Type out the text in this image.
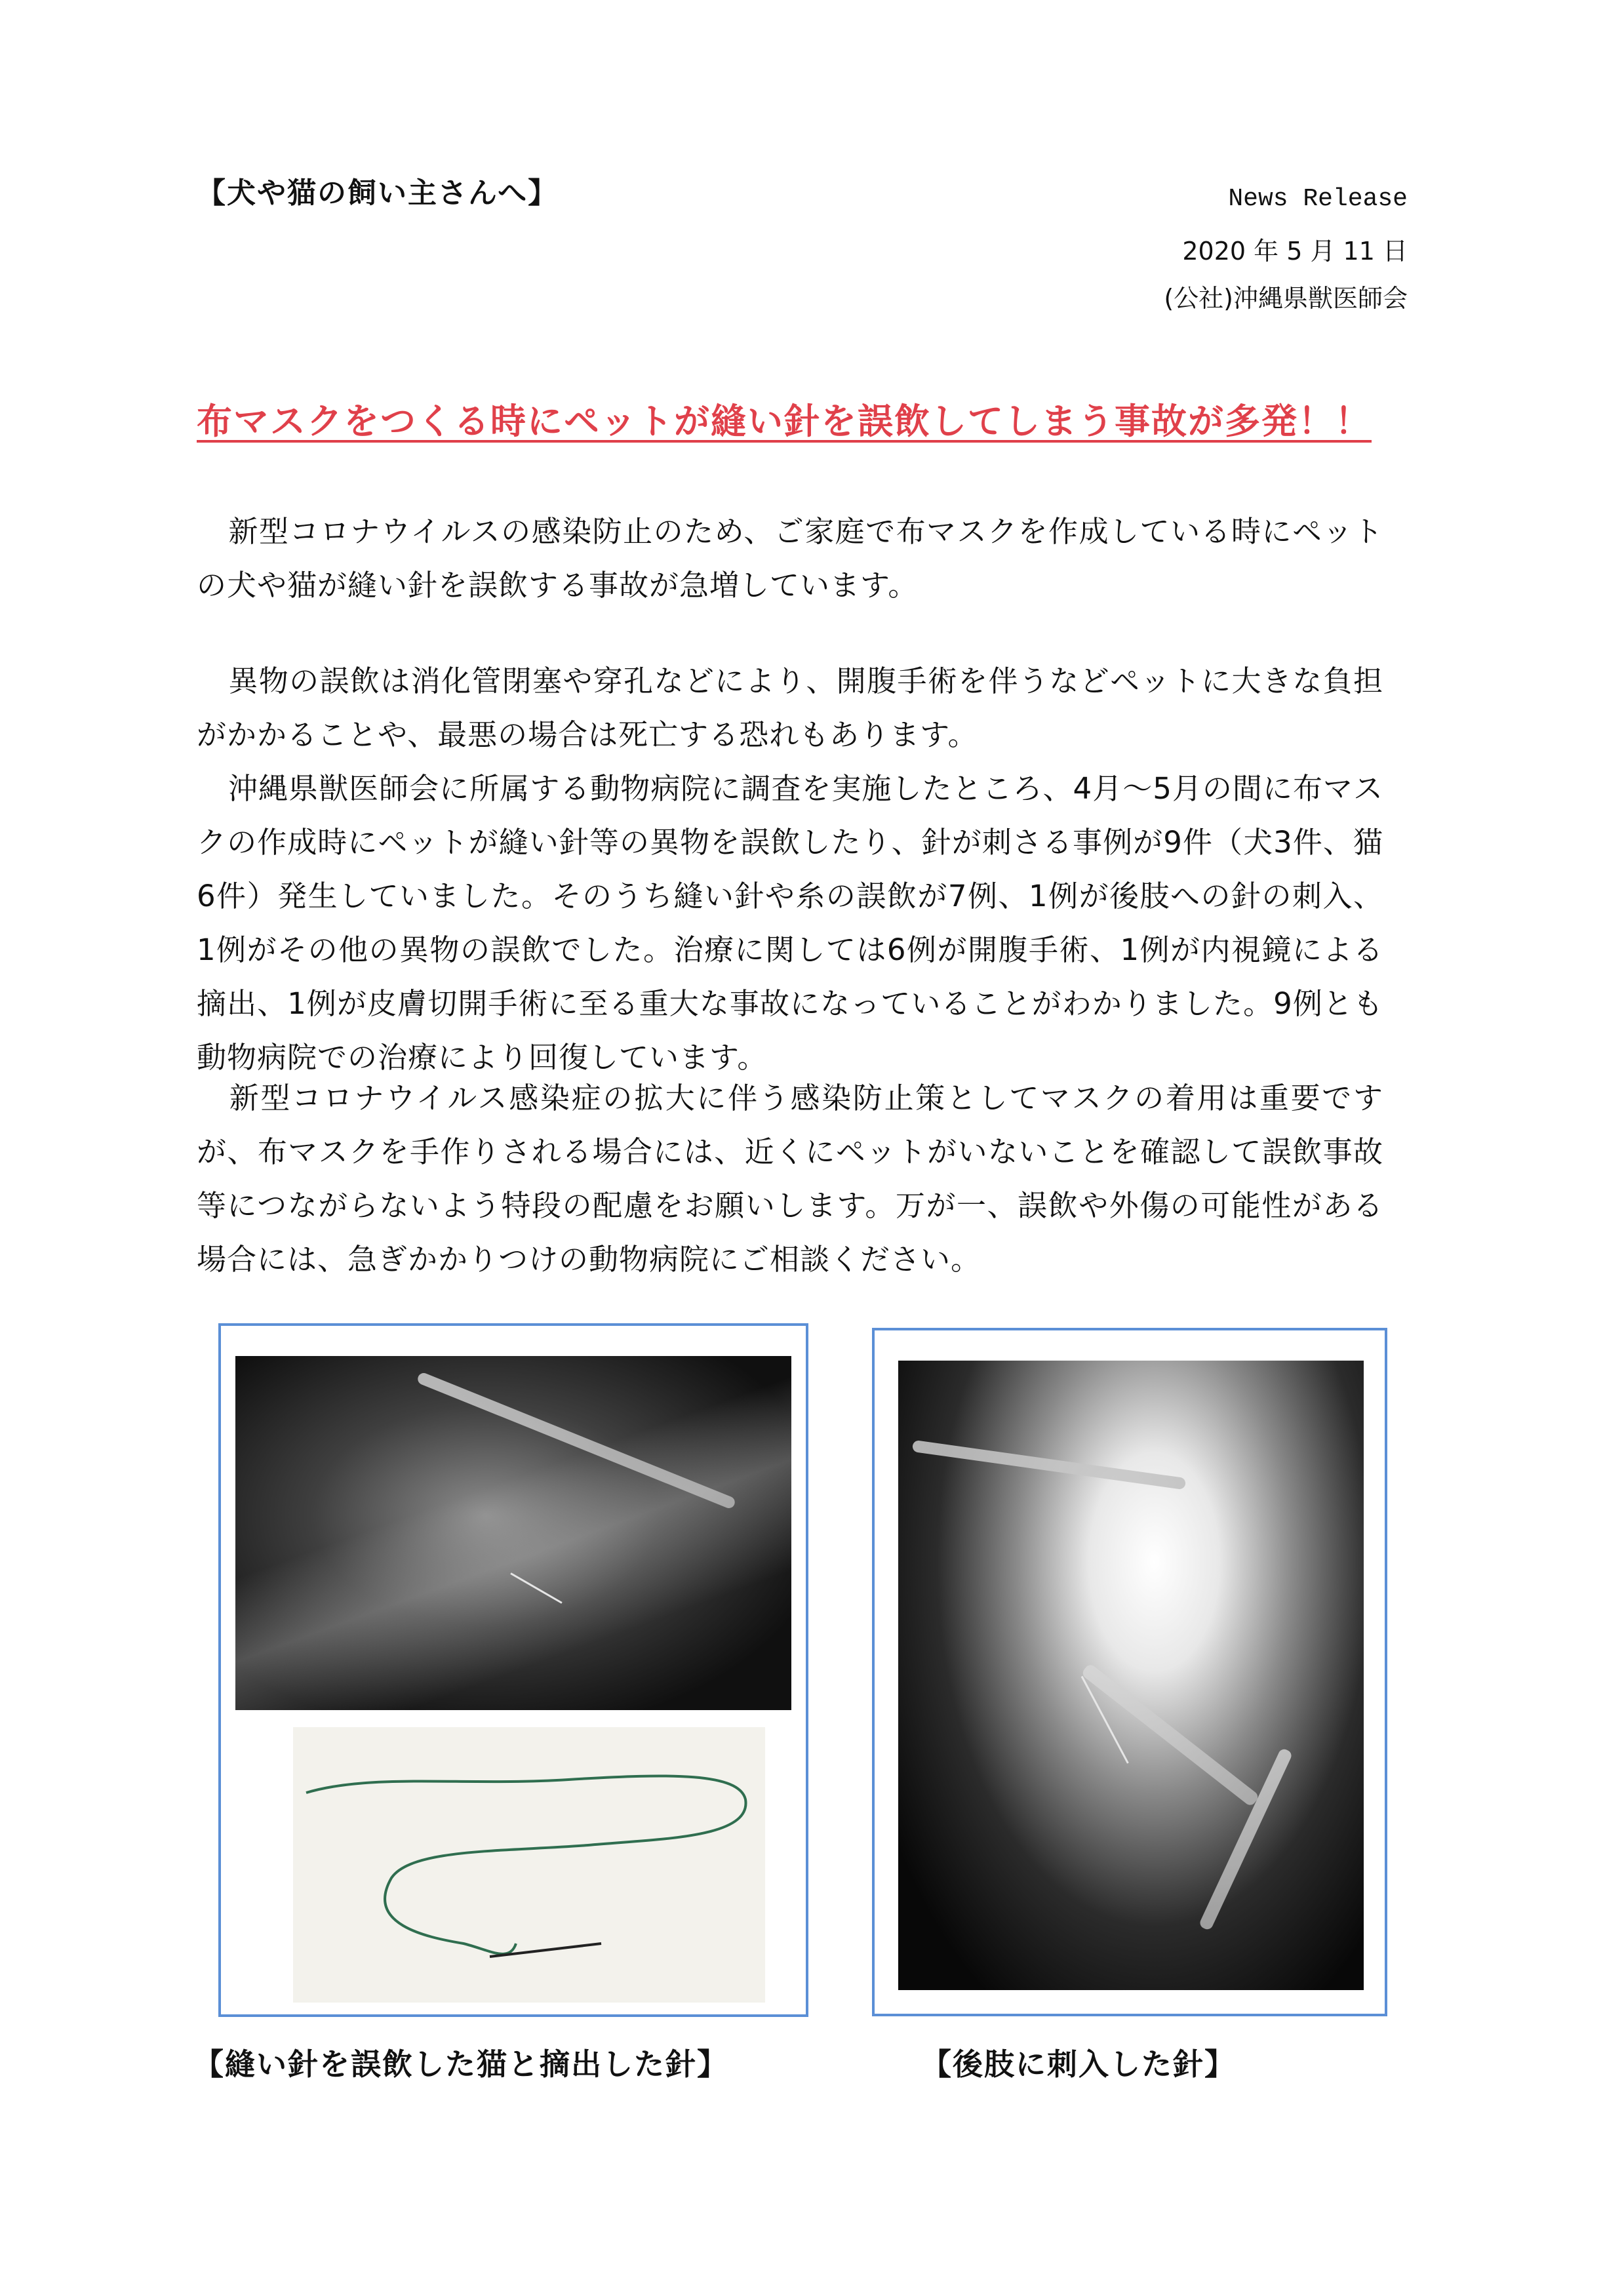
【犬や猫の飼い主さんへ】	News Release
2020 年 5 月 11 日
(公社)沖縄県獣医師会
布マスクをつくる時にペットが縫い針を誤飲してしまう事故が多発！！
新型コロナウイルスの感染防止のため、ご家庭で布マスクを作成している時にペットの犬や猫が縫い針を誤飲する事故が急増しています。
異物の誤飲は消化管閉塞や穿孔などにより、開腹手術を伴うなどペットに大きな負担がかかることや、最悪の場合は死亡する恐れもあります。
沖縄県獣医師会に所属する動物病院に調査を実施したところ、4月～5月の間に布マスクの作成時にペットが縫い針等の異物を誤飲したり、針が刺さる事例が9件（犬3件、猫6件）発生していました。そのうち縫い針や糸の誤飲が7例、1例が後肢への針の刺入、1例がその他の異物の誤飲でした。治療に関しては6例が開腹手術、1例が内視鏡による摘出、1例が皮膚切開手術に至る重大な事故になっていることがわかりました。9例とも動物病院での治療により回復しています。
新型コロナウイルス感染症の拡大に伴う感染防止策としてマスクの着用は重要ですが、布マスクを手作りされる場合には、近くにペットがいないことを確認して誤飲事故等につながらないよう特段の配慮をお願いします。万が一、誤飲や外傷の可能性がある場合には、急ぎかかりつけの動物病院にご相談ください。
【縫い針を誤飲した猫と摘出した針】	【後肢に刺入した針】
